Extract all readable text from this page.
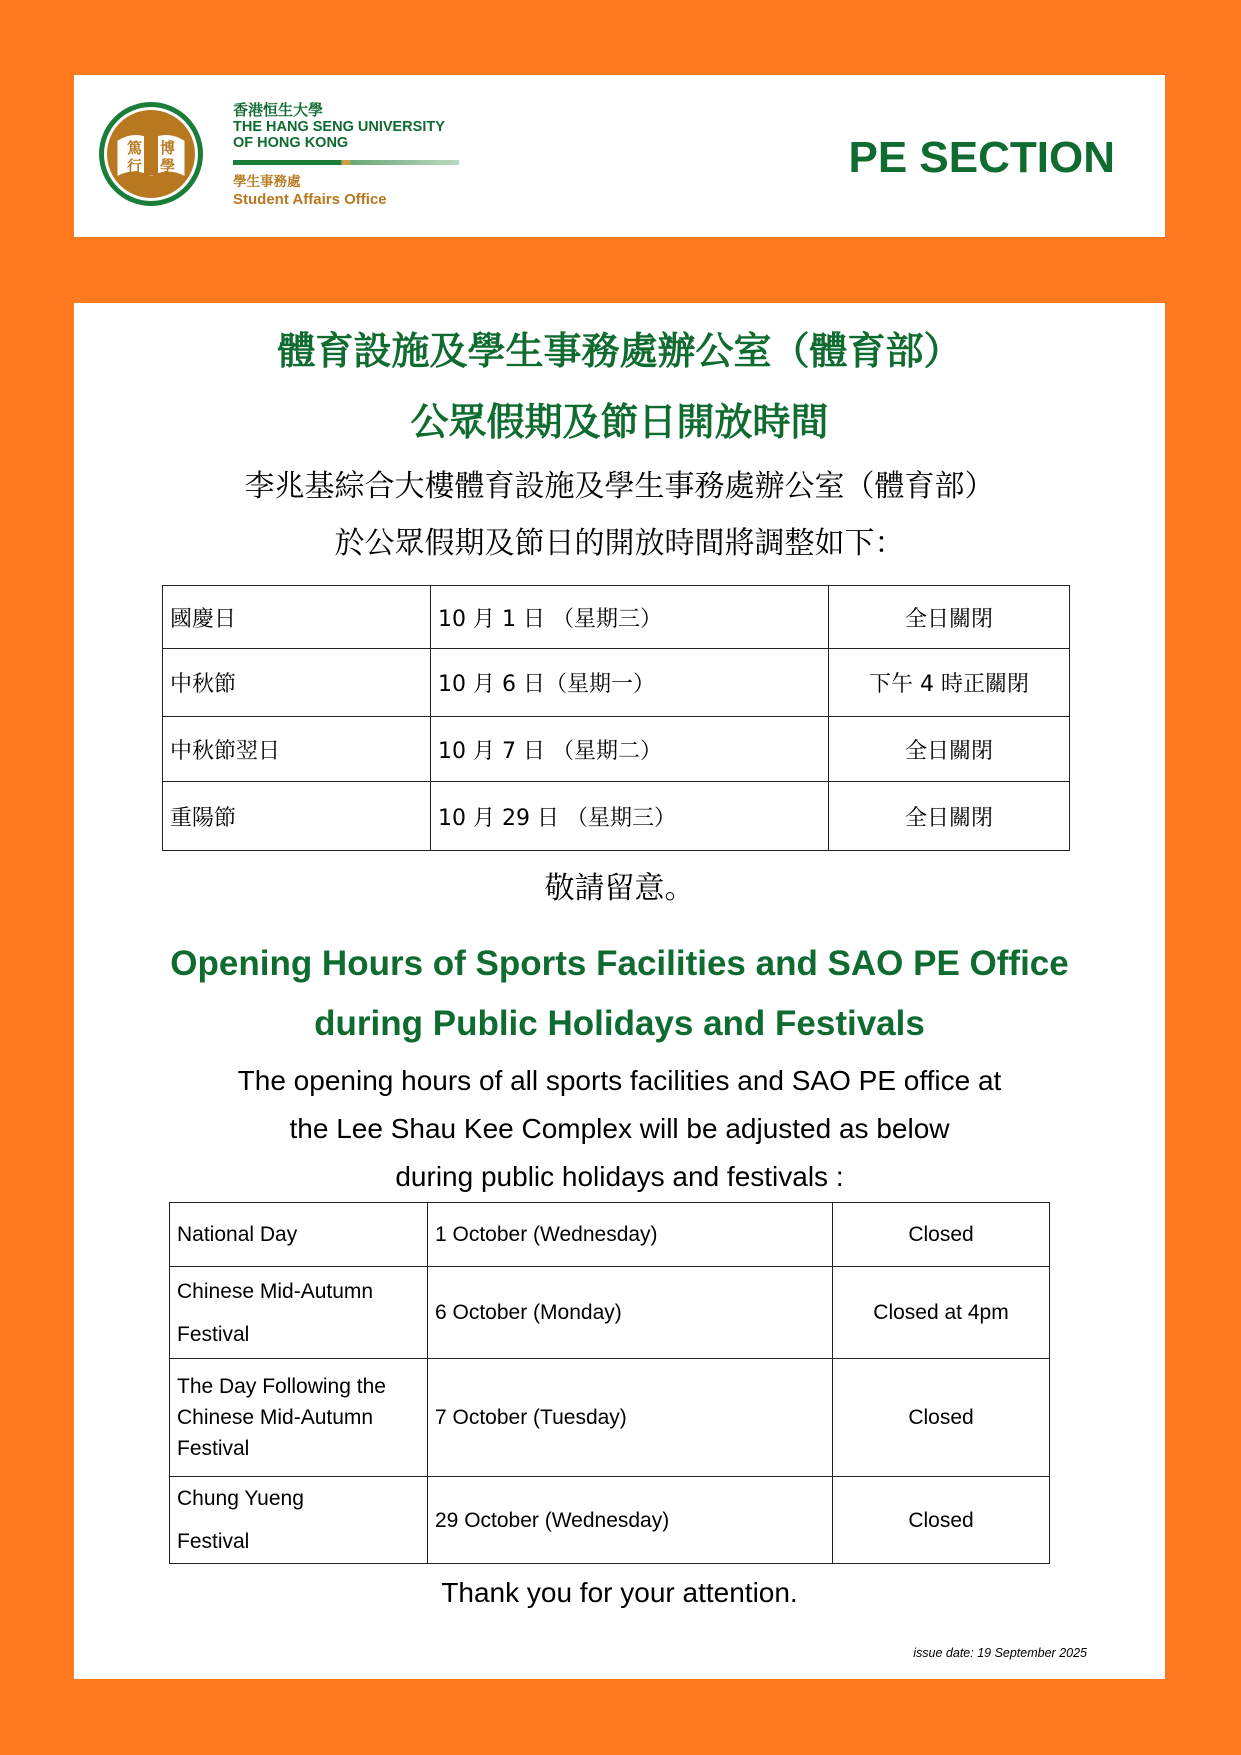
篤
行
博
學
香港恒生大學
THE HANG SENG UNIVERSITY
OF HONG KONG
學生事務處
Student Affairs Office
PE SECTION
體育設施及學生事務處辦公室（體育部）
公眾假期及節日開放時間
李兆基綜合大樓體育設施及學生事務處辦公室（體育部）
於公眾假期及節日的開放時間將調整如下：
國慶日	10 月 1 日 （星期三）	全日關閉
中秋節	10 月 6 日（星期一）	下午 4 時正關閉
中秋節翌日	10 月 7 日 （星期二）	全日關閉
重陽節	10 月 29 日 （星期三）	全日關閉
敬請留意。
Opening Hours of Sports Facilities and SAO PE Office
during Public Holidays and Festivals
The opening hours of all sports facilities and SAO PE office at
the Lee Shau Kee Complex will be adjusted as below
during public holidays and festivals :
National Day	1 October (Wednesday)	Closed

Chinese Mid-Autumn
Festival	6 October (Monday)	Closed at 4pm

The Day Following the
Chinese Mid-Autumn
Festival	7 October (Tuesday)	Closed

Chung Yueng
Festival	29 October (Wednesday)	Closed
Thank you for your attention.
issue date: 19 September 2025
